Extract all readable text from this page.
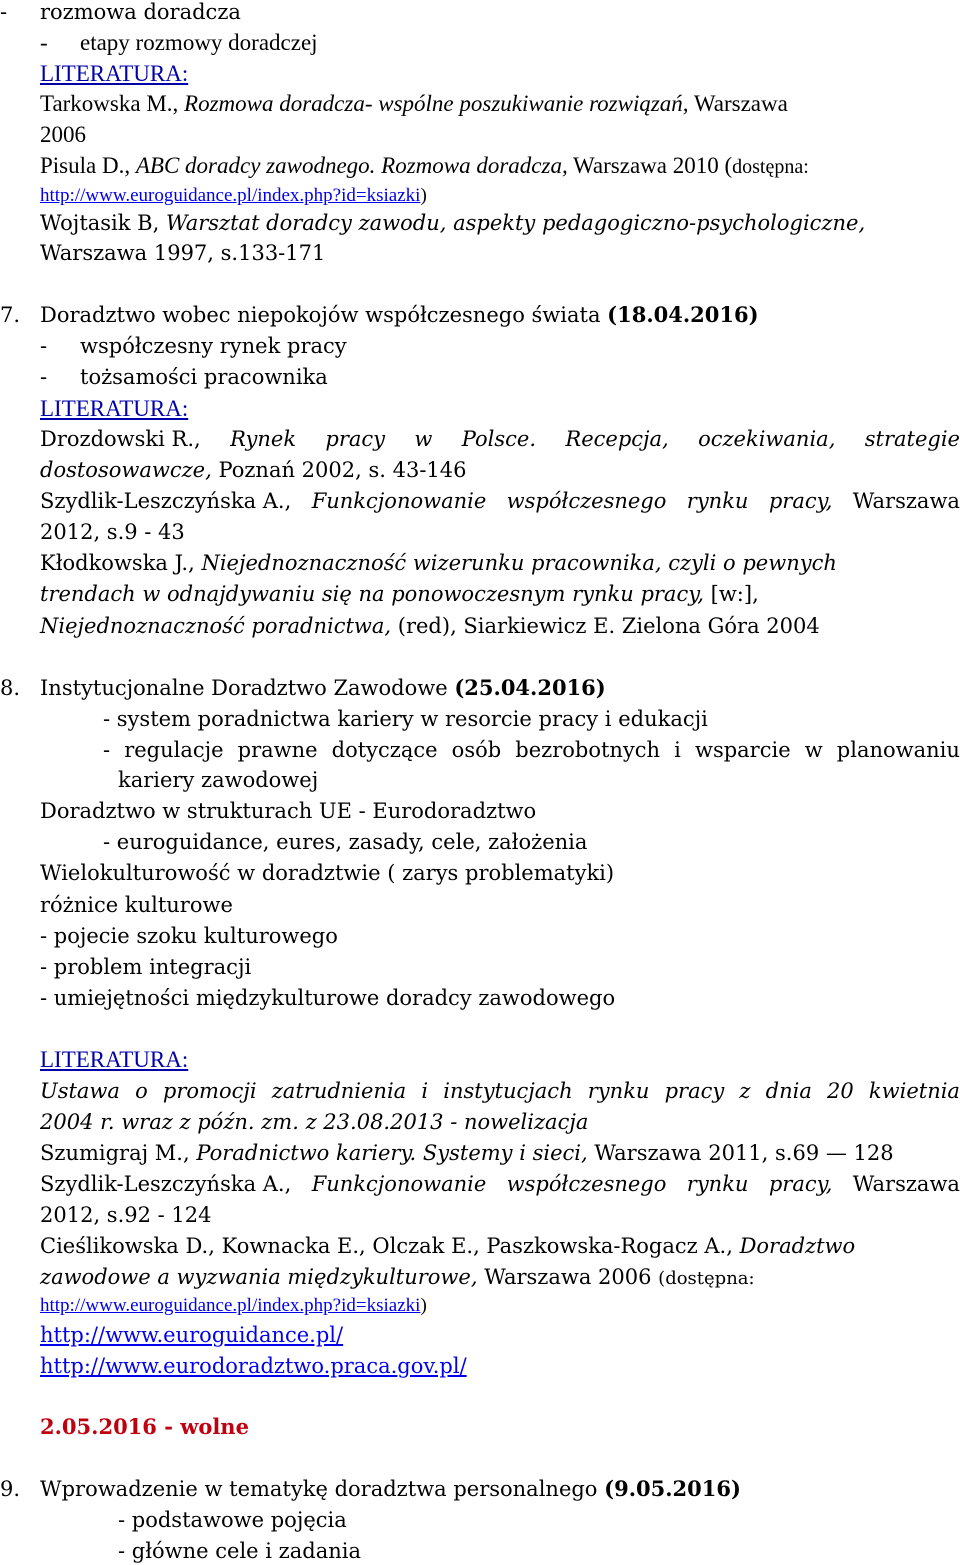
- rozmowa doradcza
- etapy rozmowy doradczej
LITERATURA:
Tarkowska M., Rozmowa doradcza- wspólne poszukiwanie rozwiązań, Warszawa
2006
Pisula D., ABC doradcy zawodnego. Rozmowa doradcza, Warszawa 2010 (dostępna:
http://www.euroguidance.pl/index.php?id=ksiazki)
Wojtasik B, Warsztat doradcy zawodu, aspekty pedagogiczno-psychologiczne,
Warszawa 1997, s.133-171
7. Doradztwo wobec niepokojów współczesnego świata (18.04.2016)
- współczesny rynek pracy
- tożsamości pracownika
LITERATURA:
Drozdowski R., Rynek pracy w Polsce. Recepcja, oczekiwania, strategie
dostosowawcze, Poznań 2002, s. 43-146
Szydlik-Leszczyńska A., Funkcjonowanie współczesnego rynku pracy, Warszawa
2012, s.9 - 43
Kłodkowska J., Niejednoznaczność wizerunku pracownika, czyli o pewnych
trendach w odnajdywaniu się na ponowoczesnym rynku pracy, [w:],
Niejednoznaczność poradnictwa, (red), Siarkiewicz E. Zielona Góra 2004
8. Instytucjonalne Doradztwo Zawodowe (25.04.2016)
- system poradnictwa kariery w resorcie pracy i edukacji
- regulacje prawne dotyczące osób bezrobotnych i wsparcie w planowaniu
kariery zawodowej
Doradztwo w strukturach UE - Eurodoradztwo
- euroguidance, eures, zasady, cele, założenia
Wielokulturowość w doradztwie ( zarys problematyki)
różnice kulturowe
- pojecie szoku kulturowego
- problem integracji
- umiejętności międzykulturowe doradcy zawodowego
LITERATURA:
Ustawa o promocji zatrudnienia i instytucjach rynku pracy z dnia 20 kwietnia
2004 r. wraz z późn. zm. z 23.08.2013 - nowelizacja
Szumigraj M., Poradnictwo kariery. Systemy i sieci, Warszawa 2011, s.69 — 128
Szydlik-Leszczyńska A., Funkcjonowanie współczesnego rynku pracy, Warszawa
2012, s.92 - 124
Cieślikowska D., Kownacka E., Olczak E., Paszkowska-Rogacz A., Doradztwo
zawodowe a wyzwania międzykulturowe, Warszawa 2006 (dostępna:
http://www.euroguidance.pl/index.php?id=ksiazki)
http://www.euroguidance.pl/
http://www.eurodoradztwo.praca.gov.pl/
2.05.2016 - wolne
9. Wprowadzenie w tematykę doradztwa personalnego (9.05.2016)
- podstawowe pojęcia
- główne cele i zadania
